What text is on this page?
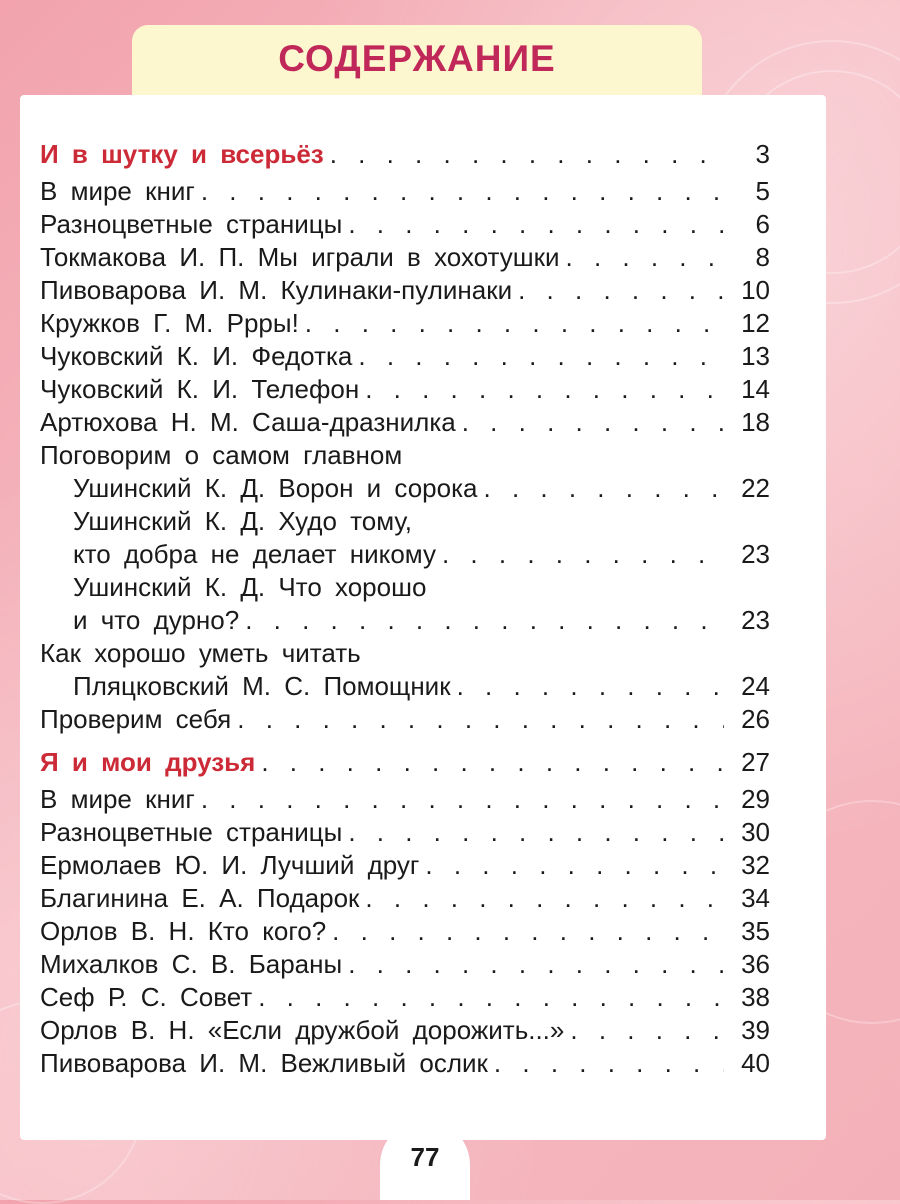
СОДЕРЖАНИЕ
И в шутку и всерьёз . . .	3
В мире книг . . .	5
Разноцветные страницы . . .	6
Токмакова И. П. Мы играли в хохотушки . . .	8
Пивоварова И. М. Кулинаки-пулинаки . . .	10
Кружков Г. М. Ррры! . . .	12
Чуковский К. И. Федотка . . .	13
Чуковский К. И. Телефон . . .	14
Артюхова Н. М. Саша-дразнилка . . .	18
Поговорим о самом главном
Ушинский К. Д. Ворон и сорока . . .	22
Ушинский К. Д. Худо тому,
кто добра не делает никому . . .	23
Ушинский К. Д. Что хорошо
и что дурно? . . .	23
Как хорошо уметь читать
Пляцковский М. С. Помощник . . .	24
Проверим себя . . .	26
Я и мои друзья . . .	27
В мире книг . . .	29
Разноцветные страницы . . .	30
Ермолаев Ю. И. Лучший друг . . .	32
Благинина Е. А. Подарок . . .	34
Орлов В. Н. Кто кого? . . .	35
Михалков С. В. Бараны . . .	36
Сеф Р. С. Совет . . .	38
Орлов В. Н. «Если дружбой дорожить...» . . .	39
Пивоварова И. М. Вежливый ослик . . .	40
77
